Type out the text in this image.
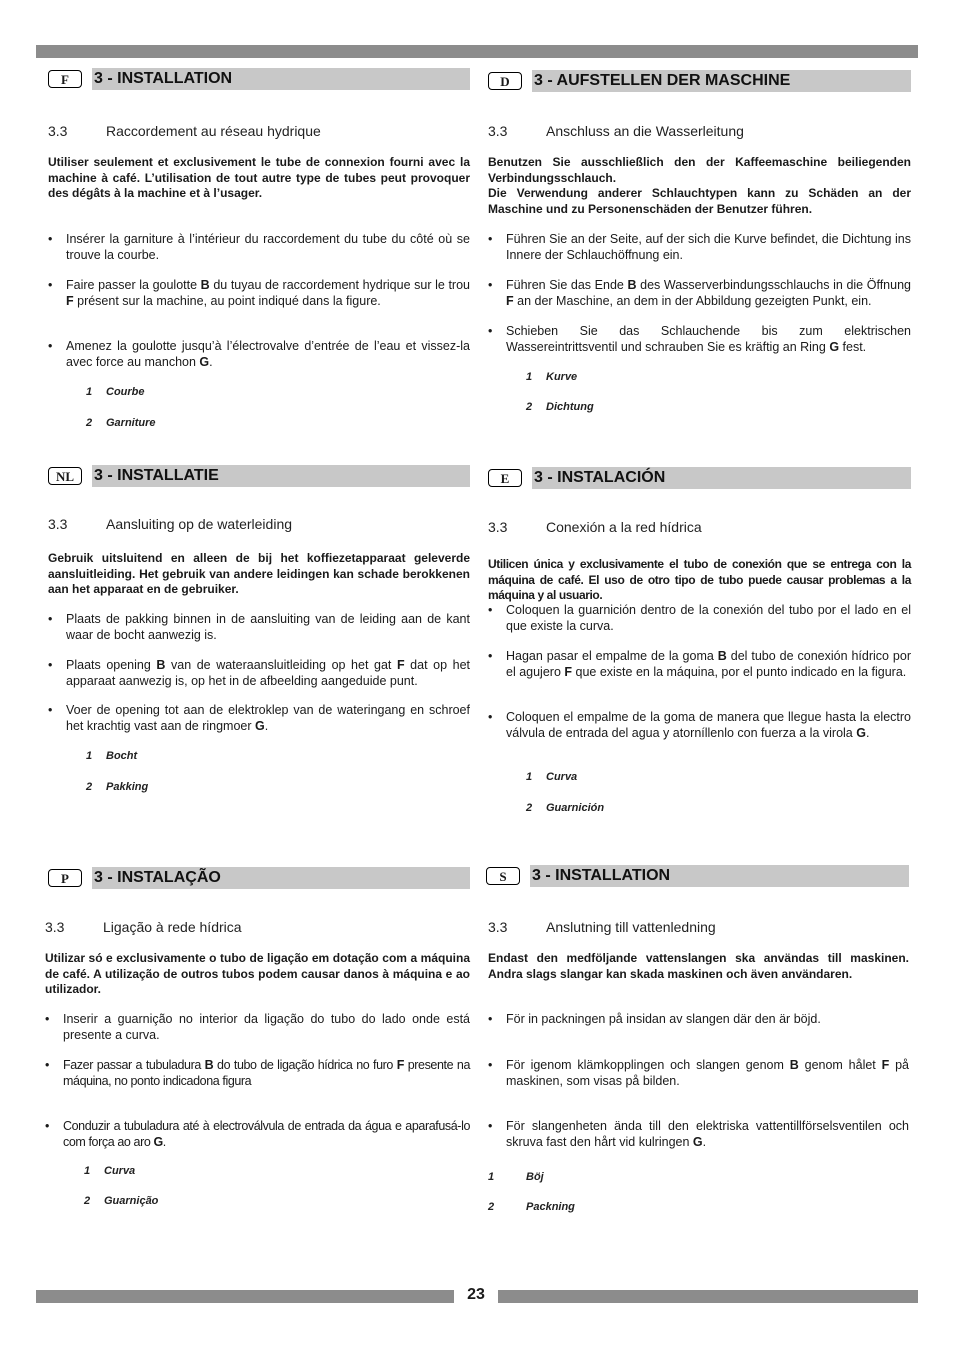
F	3 - INSTALLATION
3.3	Raccordement au réseau hydrique

Utiliser seulement et exclusivement le tube de connexion fourni avec la machine à café. L’utilisation de tout autre type de tubes peut provoquer des dégâts à la machine et à l’usager.

• Insérer la garniture à l’intérieur du raccordement du tube du côté où se trouve la courbe.

• Faire passer la goulotte B du tuyau de raccordement hydrique sur le trou F présent sur la machine, au point indiqué dans la figure.

• Amenez la goulotte jusqu’à l’électrovalve d’entrée de l’eau et vissez-la avec force au manchon G.

1 Courbe
2 Garniture
D	3 - AUFSTELLEN DER MASCHINE
3.3	Anschluss an die Wasserleitung

Benutzen Sie ausschließlich den der Kaffeemaschine beiliegenden Verbindungsschlauch.

Die Verwendung anderer Schlauchtypen kann zu Schäden an der Maschine und zu Personenschäden der Benutzer führen.

• Führen Sie an der Seite, auf der sich die Kurve befindet, die Dichtung ins Innere der Schlauchöffnung ein.

• Führen Sie das Ende B des Wasserverbindungsschlauchs in die Öffnung F an der Maschine, an dem in der Abbildung gezeigten Punkt, ein.

• Schieben Sie das Schlauchende bis zum elektrischen Wassereintrittsventil und schrauben Sie es kräftig an Ring G fest.

1 Kurve
2 Dichtung
NL	3 - INSTALLATIE
3.3	Aansluiting op de waterleiding

Gebruik uitsluitend en alleen de bij het koffiezetapparaat geleverde aansluitleiding. Het gebruik van andere leidingen kan schade berokkenen aan het apparaat en de gebruiker.

• Plaats de pakking binnen in de aansluiting van de leiding aan de kant waar de bocht aanwezig is.

• Plaats opening B van de wateraansluitleiding op het gat F dat op het apparaat aanwezig is, op het in de afbeelding aangeduide punt.

• Voer de opening tot aan de elektroklep van de wateringang en schroef het krachtig vast aan de ringmoer G.

1 Bocht
2 Pakking
E	3 - INSTALACIÓN
3.3	Conexión a la red hídrica

Utilicen única y exclusivamente el tubo de conexión que se entrega con la máquina de café. El uso de otro tipo de tubo puede causar problemas a la máquina y al usuario.

• Coloquen la guarnición dentro de la conexión del tubo por el lado en el que existe la curva.

• Hagan pasar el empalme de la goma B del tubo de conexión hídrico por el agujero F que existe en la máquina, por el punto indicado en la figura.

• Coloquen el empalme de la goma de manera que llegue hasta la electro válvula de entrada del agua y atorníllenlo con fuerza a la virola G.

1 Curva
2 Guarnición
P	3 - INSTALAÇÃO
3.3	Ligação à rede hídrica

Utilizar só e exclusivamente o tubo de ligação em dotação com a máquina de café. A utilização de outros tubos podem causar danos à máquina e ao utilizador.

• Inserir a guarnição no interior da ligação do tubo do lado onde está presente a curva.

• Fazer passar a tubuladura B do tubo de ligação hídrica no furo F presente na máquina, no ponto indicadona figura

• Conduzir a tubuladura até à electroválvula de entrada da água e aparafusá-lo com força ao aro G.

1 Curva
2 Guarnição
S	3 - INSTALLATION
3.3	Anslutning till vattenledning

Endast den medföljande vattenslangen ska användas till maskinen. Andra slags slangar kan skada maskinen och även användaren.

• För in packningen på insidan av slangen där den är böjd.

• För igenom klämkopplingen och slangen genom B genom hålet F på maskinen, som visas på bilden.

• För slangenheten ända till den elektriska vattentillförselsventilen och skruva fast den hårt vid kulringen G.

1	Böj
2	Packning
23
